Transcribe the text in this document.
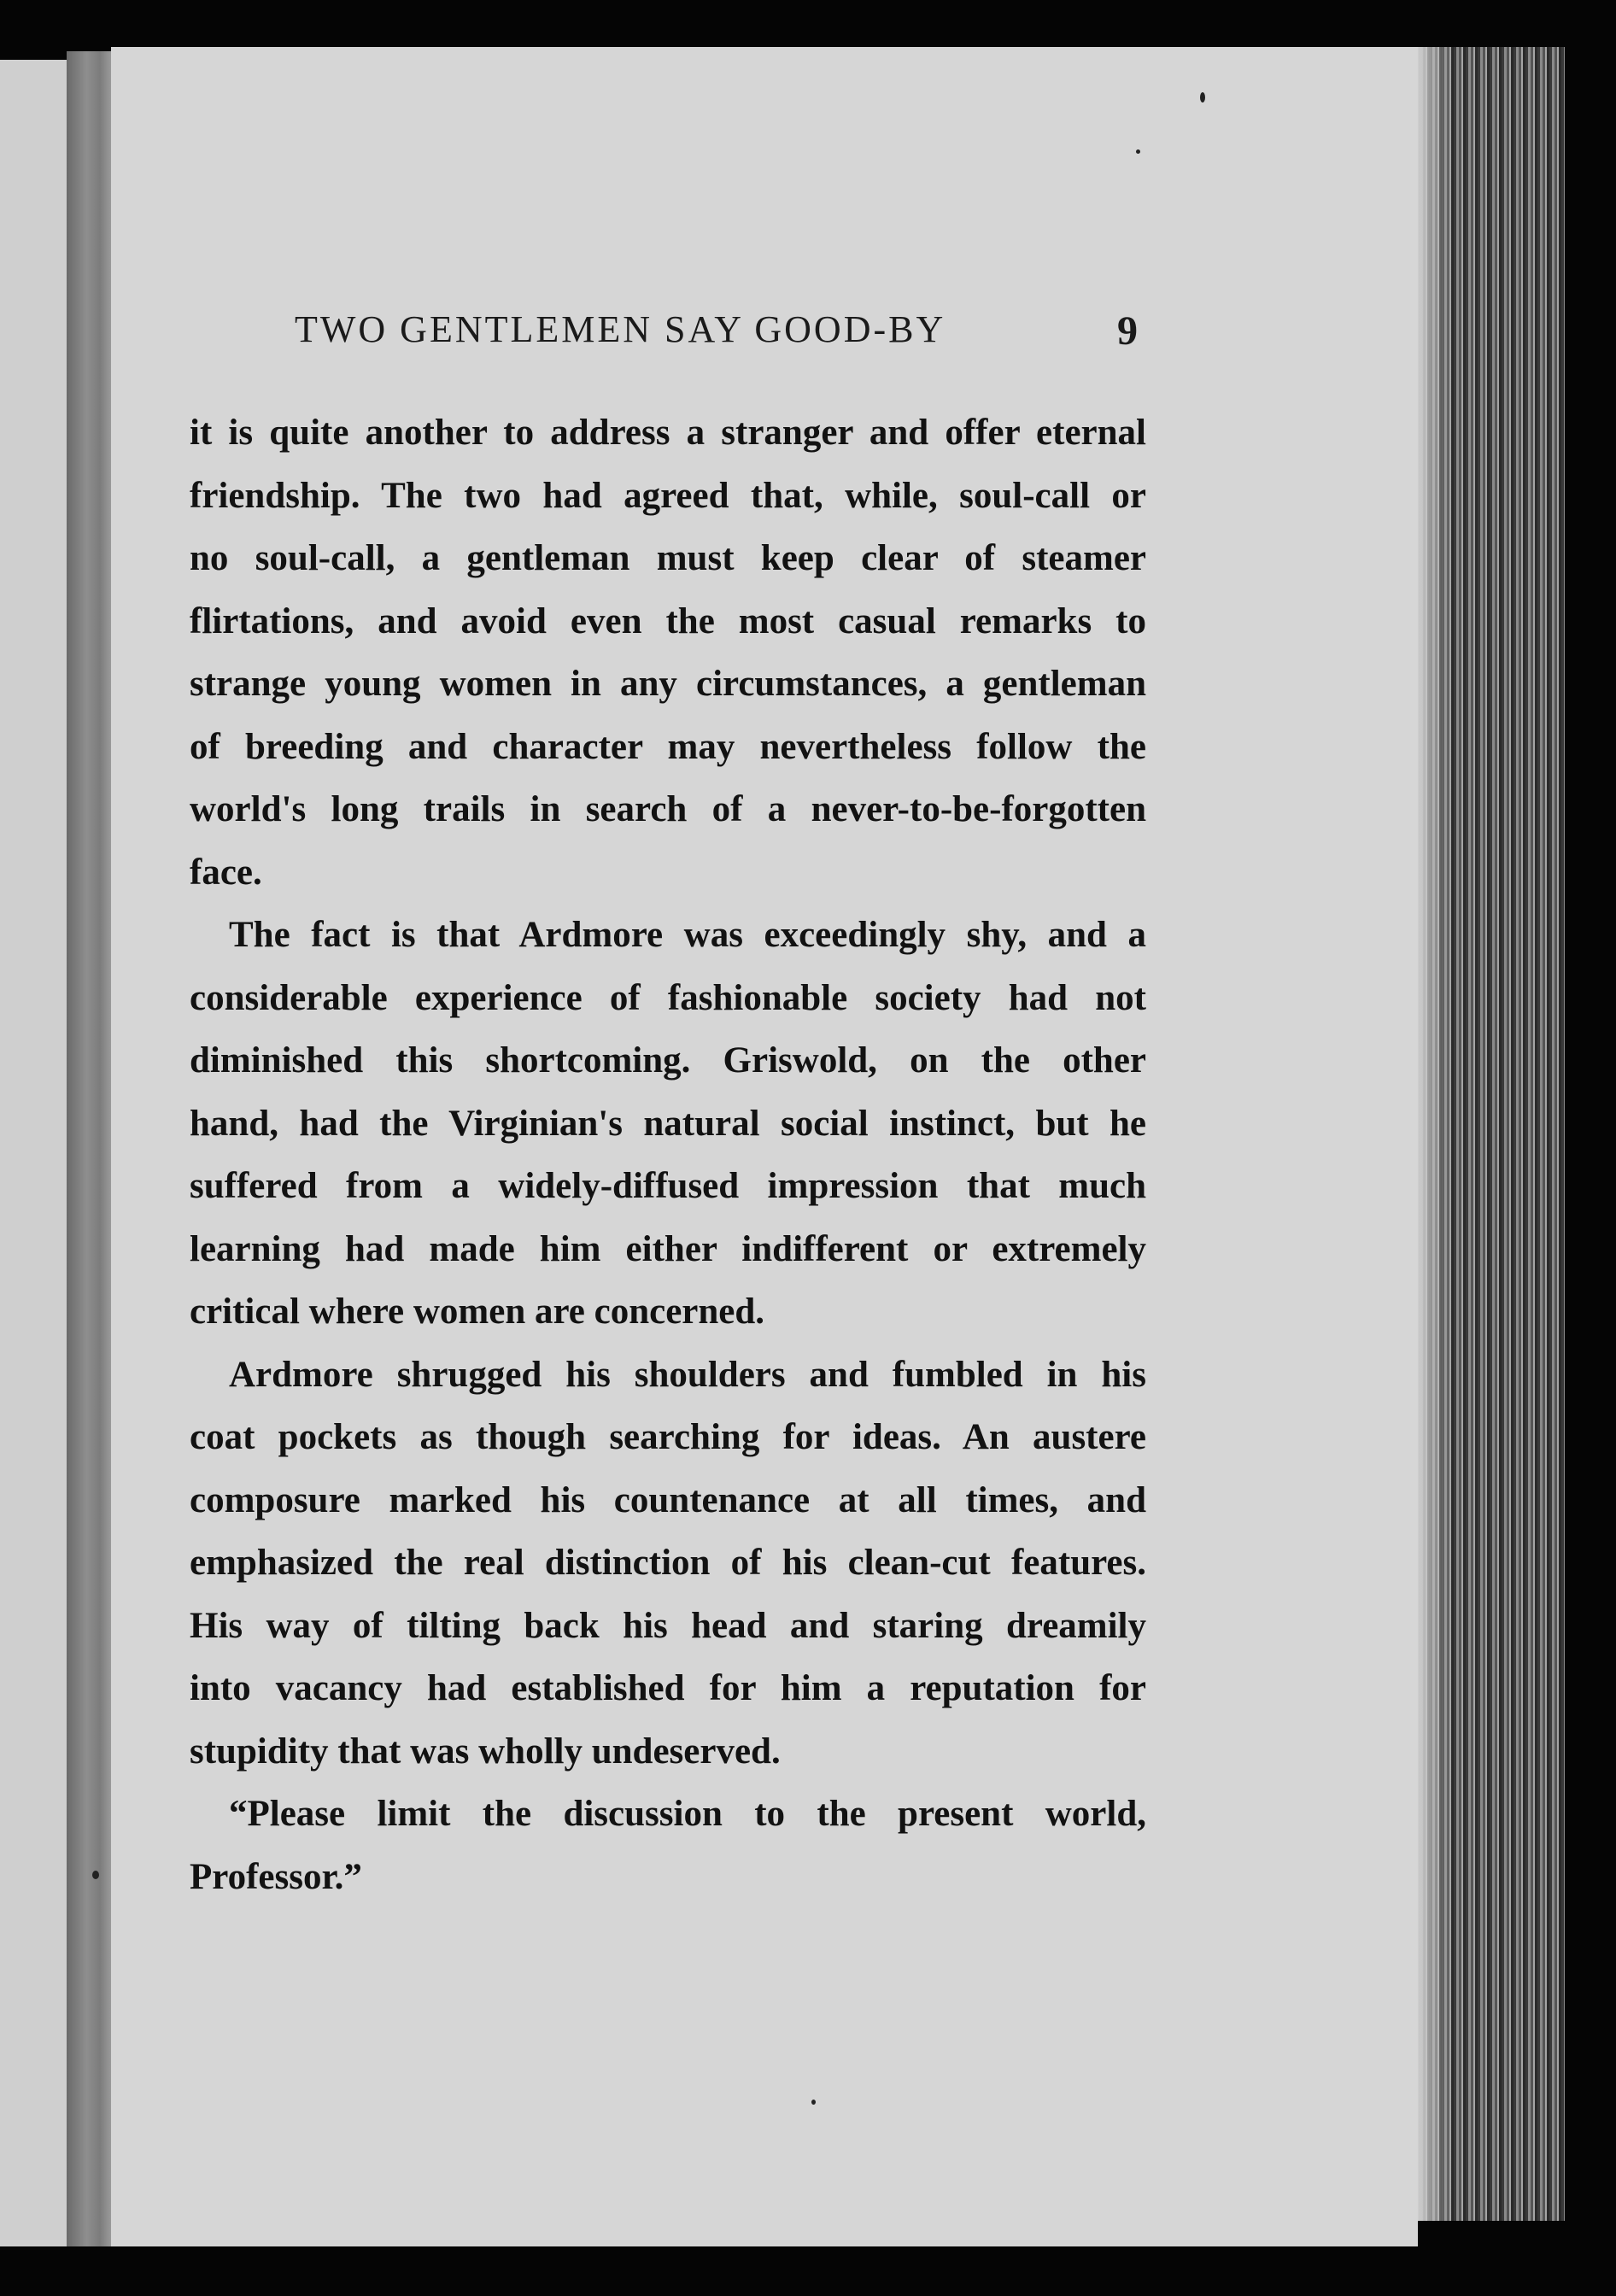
TWO GENTLEMEN SAY GOOD-BY	9
it is quite another to address a stranger and offer eternal
friendship. The two had agreed that, while, soul-call or
no soul-call, a gentleman must keep clear of steamer
flirtations, and avoid even the most casual remarks to
strange young women in any circumstances, a gentleman
of breeding and character may nevertheless follow the
world's long trails in search of a never-to-be-forgotten
face.
The fact is that Ardmore was exceedingly shy, and a
considerable experience of fashionable society had not
diminished this shortcoming. Griswold, on the other
hand, had the Virginian's natural social instinct, but he
suffered from a widely-diffused impression that much
learning had made him either indifferent or extremely
critical where women are concerned.
Ardmore shrugged his shoulders and fumbled in his
coat pockets as though searching for ideas. An austere
composure marked his countenance at all times, and
emphasized the real distinction of his clean-cut features.
His way of tilting back his head and staring dreamily
into vacancy had established for him a reputation for
stupidity that was wholly undeserved.
“Please limit the discussion to the present world,
Professor.”
